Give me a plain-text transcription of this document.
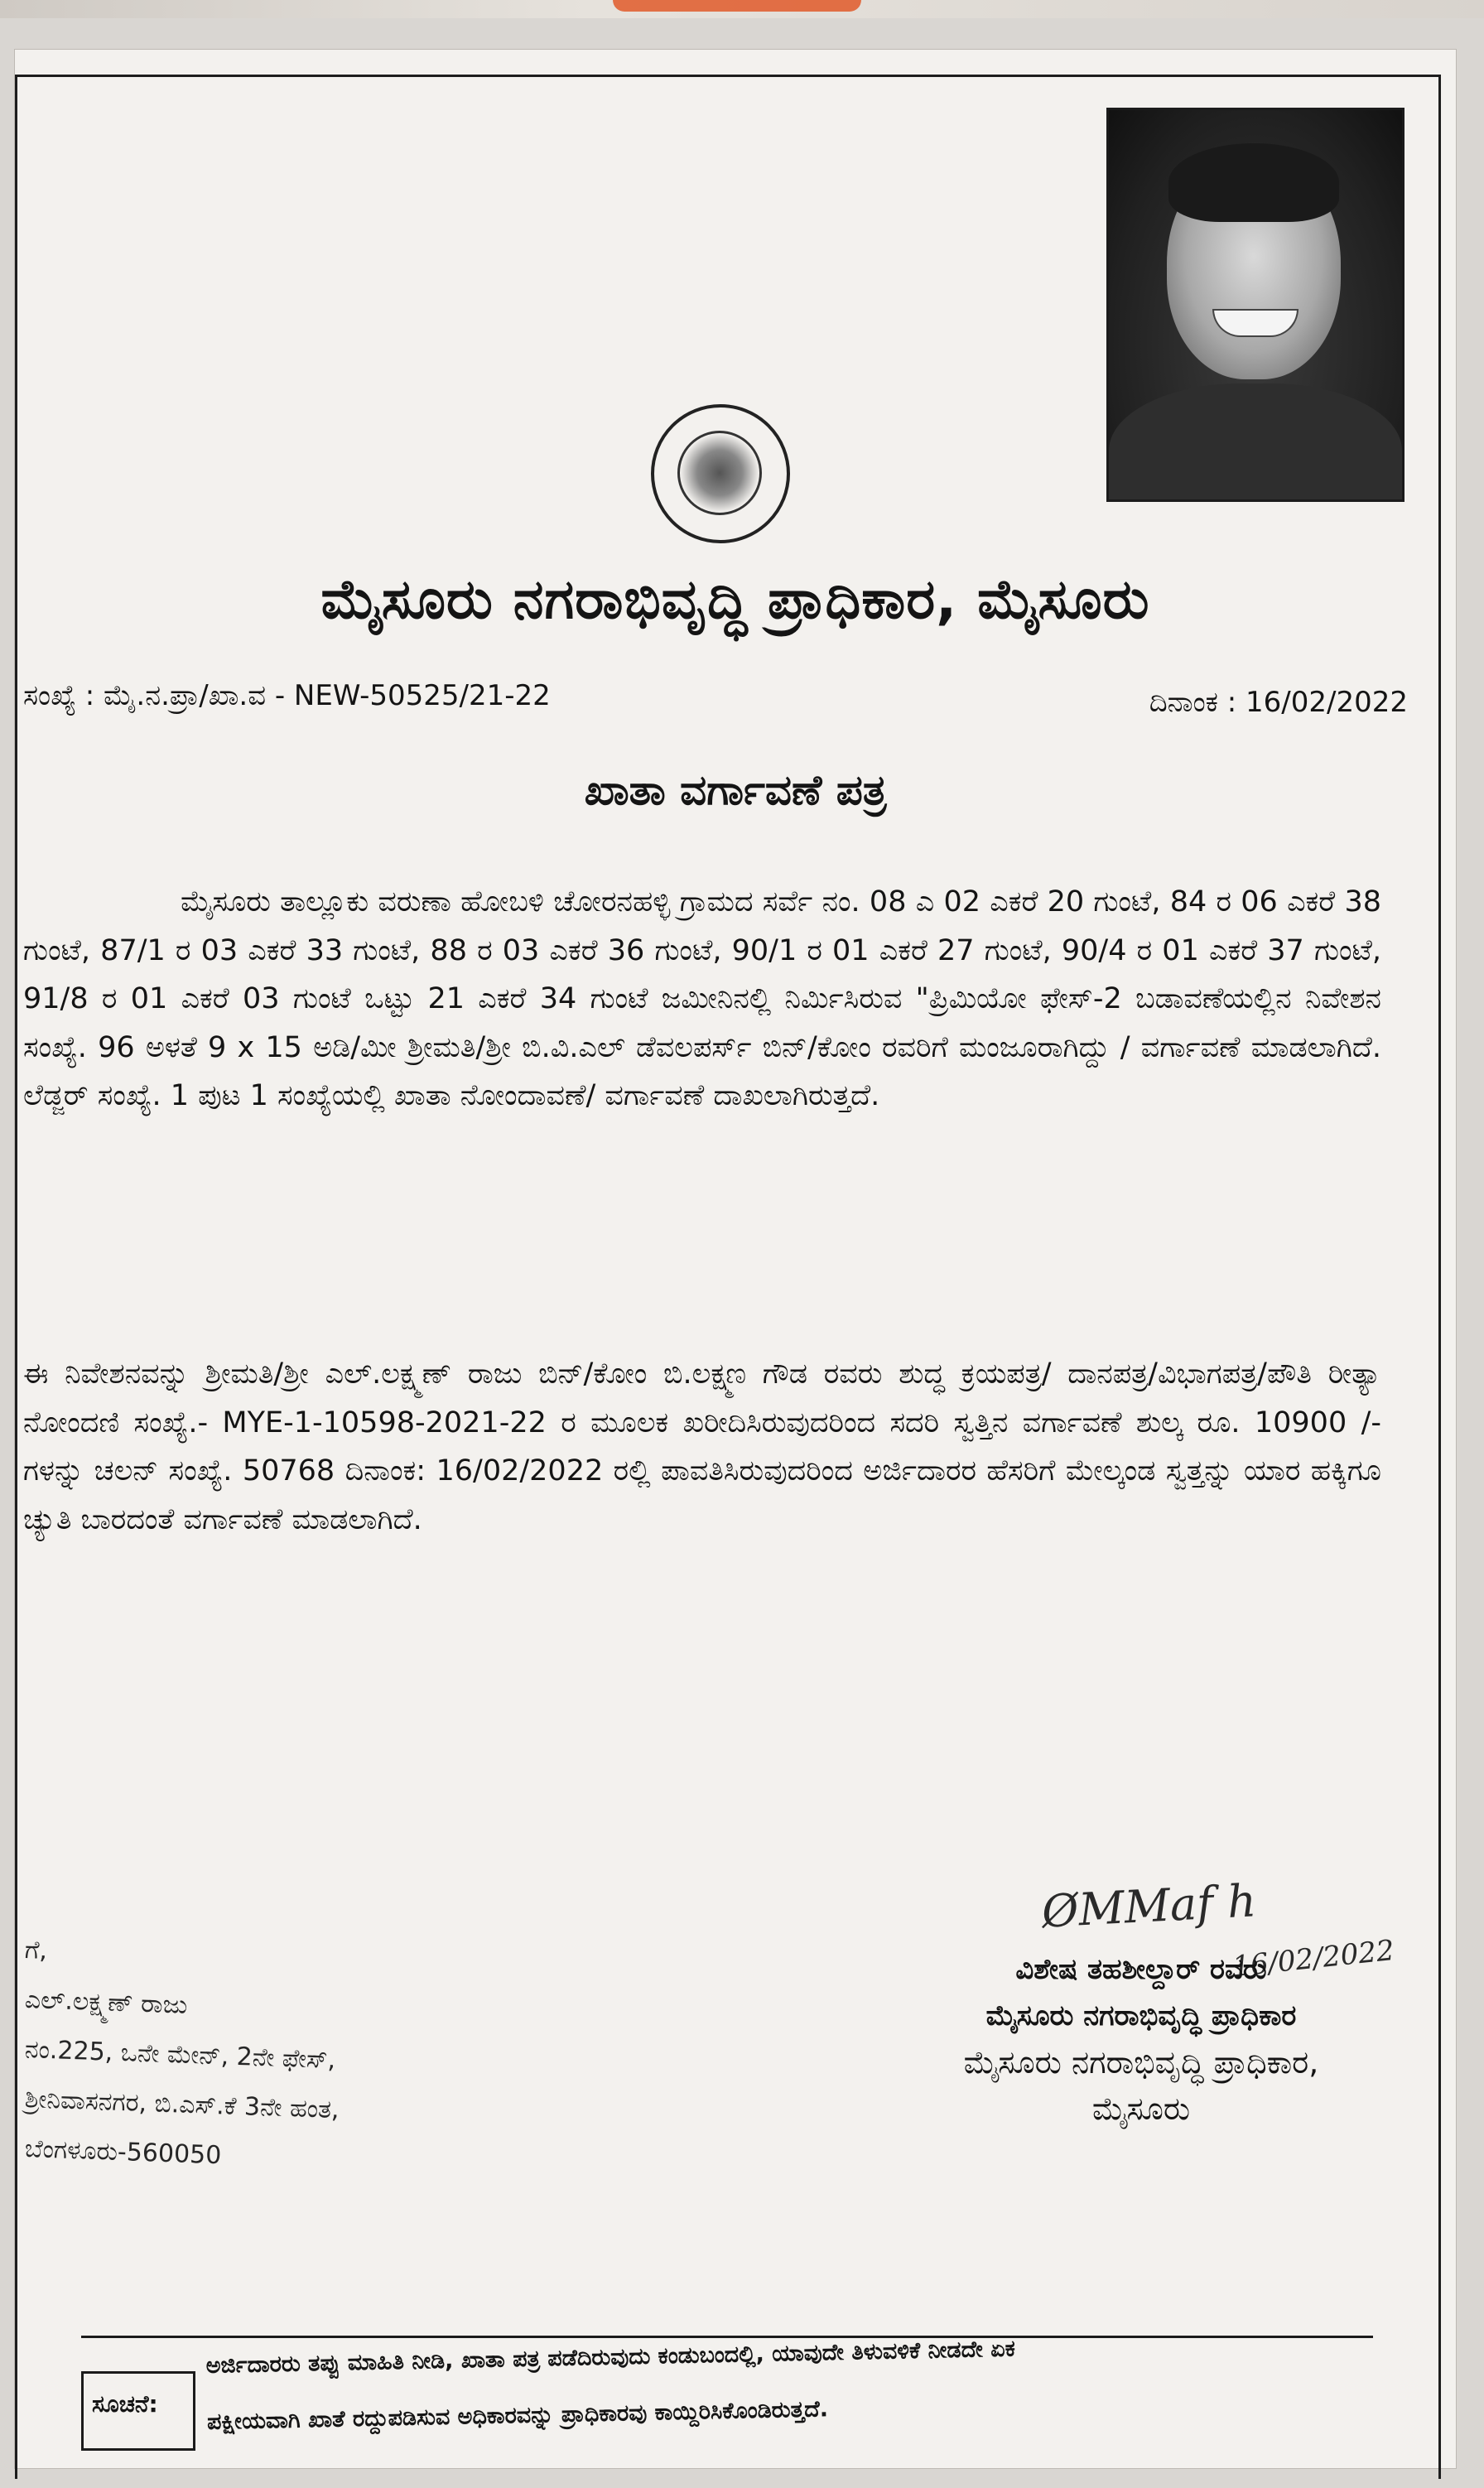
ಮೈಸೂರು ನಗರಾಭಿವೃದ್ಧಿ ಪ್ರಾಧಿಕಾರ, ಮೈಸೂರು
ಸಂಖ್ಯೆ : ಮೈ.ನ.ಪ್ರಾ/ಖಾ.ವ - NEW-50525/21-22	ದಿನಾಂಕ : 16/02/2022
ಖಾತಾ ವರ್ಗಾವಣೆ ಪತ್ರ
ಮೈಸೂರು ತಾಲ್ಲೂಕು ವರುಣಾ ಹೋಬಳಿ ಚೋರನಹಳ್ಳಿ ಗ್ರಾಮದ ಸರ್ವೆ ನಂ. 08 ಎ 02 ಎಕರೆ 20 ಗುಂಟೆ, 84 ರ 06 ಎಕರೆ 38 ಗುಂಟೆ, 87/1 ರ 03 ಎಕರೆ 33 ಗುಂಟೆ, 88 ರ 03 ಎಕರೆ 36 ಗುಂಟೆ, 90/1 ರ 01 ಎಕರೆ 27 ಗುಂಟೆ, 90/4 ರ 01 ಎಕರೆ 37 ಗುಂಟೆ, 91/8 ರ 01 ಎಕರೆ 03 ಗುಂಟೆ ಒಟ್ಟು 21 ಎಕರೆ 34 ಗುಂಟೆ ಜಮೀನಿನಲ್ಲಿ ನಿರ್ಮಿಸಿರುವ "ಪ್ರಿಮಿಯೋ ಫೇಸ್-2 ಬಡಾವಣೆಯಲ್ಲಿನ ನಿವೇಶನ ಸಂಖ್ಯೆ. 96 ಅಳತೆ 9 x 15 ಅಡಿ/ಮೀ ಶ್ರೀಮತಿ/ಶ್ರೀ ಬಿ.ವಿ.ಎಲ್ ಡೆವಲಪರ್ಸ್ ಬಿನ್/ಕೋಂ ರವರಿಗೆ ಮಂಜೂರಾಗಿದ್ದು / ವರ್ಗಾವಣೆ ಮಾಡಲಾಗಿದೆ. ಲೆಡ್ಜರ್ ಸಂಖ್ಯೆ. 1 ಪುಟ 1 ಸಂಖ್ಯೆಯಲ್ಲಿ ಖಾತಾ ನೋಂದಾವಣೆ/ ವರ್ಗಾವಣೆ ದಾಖಲಾಗಿರುತ್ತದೆ.
ಈ ನಿವೇಶನವನ್ನು ಶ್ರೀಮತಿ/ಶ್ರೀ ಎಲ್.ಲಕ್ಷ್ಮಣ್ ರಾಜು ಬಿನ್/ಕೋಂ ಬಿ.ಲಕ್ಷ್ಮಣ ಗೌಡ ರವರು ಶುದ್ಧ ಕ್ರಯಪತ್ರ/ ದಾನಪತ್ರ/ವಿಭಾಗಪತ್ರ/ಪೌತಿ ರೀತ್ಯಾ ನೋಂದಣಿ ಸಂಖ್ಯೆ.- MYE-1-10598-2021-22 ರ ಮೂಲಕ ಖರೀದಿಸಿರುವುದರಿಂದ ಸದರಿ ಸ್ವತ್ತಿನ ವರ್ಗಾವಣೆ ಶುಲ್ಕ ರೂ. 10900 /- ಗಳನ್ನು ಚಲನ್ ಸಂಖ್ಯೆ. 50768 ದಿನಾಂಕ: 16/02/2022 ರಲ್ಲಿ ಪಾವತಿಸಿರುವುದರಿಂದ ಅರ್ಜಿದಾರರ ಹೆಸರಿಗೆ ಮೇಲ್ಕಂಡ ಸ್ವತ್ತನ್ನು ಯಾರ ಹಕ್ಕಿಗೂ ಚ್ಯುತಿ ಬಾರದಂತೆ ವರ್ಗಾವಣೆ ಮಾಡಲಾಗಿದೆ.
ØMMaf h
16/02/2022
ವಿಶೇಷ ತಹಶೀಲ್ದಾರ್ ರವರು
ಮೈಸೂರು ನಗರಾಭಿವೃದ್ಧಿ ಪ್ರಾಧಿಕಾರ
ಮೈಸೂರು ನಗರಾಭಿವೃದ್ಧಿ ಪ್ರಾಧಿಕಾರ,
ಮೈಸೂರು
ಗೆ,
ಎಲ್.ಲಕ್ಷ್ಮಣ್ ರಾಜು
ನಂ.225, ಒನೇ ಮೇನ್, 2ನೇ ಫೇಸ್,
ಶ್ರೀನಿವಾಸನಗರ, ಬಿ.ಎಸ್.ಕೆ 3ನೇ ಹಂತ,
ಬೆಂಗಳೂರು-560050
ಸೂಚನೆ:
ಅರ್ಜಿದಾರರು ತಪ್ಪು ಮಾಹಿತಿ ನೀಡಿ, ಖಾತಾ ಪತ್ರ ಪಡೆದಿರುವುದು ಕಂಡುಬಂದಲ್ಲಿ, ಯಾವುದೇ ತಿಳುವಳಿಕೆ ನೀಡದೇ ಏಕ
ಪಕ್ಷೀಯವಾಗಿ ಖಾತೆ ರದ್ದುಪಡಿಸುವ ಅಧಿಕಾರವನ್ನು ಪ್ರಾಧಿಕಾರವು ಕಾಯ್ದಿರಿಸಿಕೊಂಡಿರುತ್ತದೆ.
